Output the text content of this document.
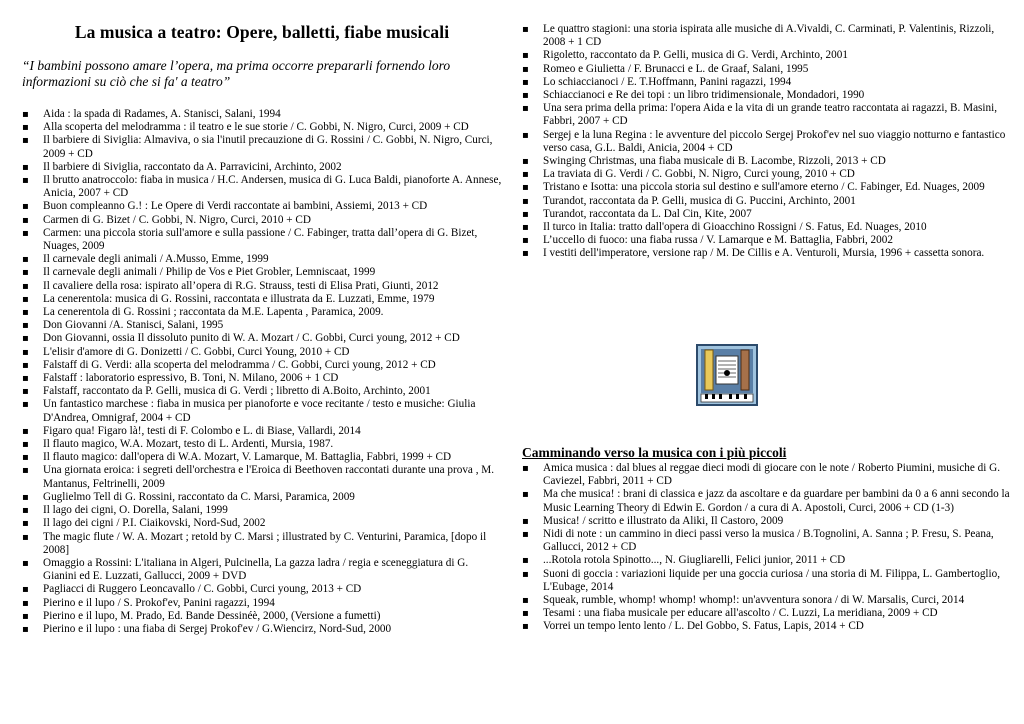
La musica a teatro: Opere, balletti, fiabe musicali
“I bambini possono amare l’opera, ma prima occorre prepararli fornendo loro informazioni su ciò che si fa' a teatro”
▪ Aida : la spada di Radames, A. Stanisci, Salani, 1994
▪ Alla scoperta del melodramma : il teatro e le sue storie / C. Gobbi, N. Nigro, Curci, 2009 + CD
▪ Il barbiere di Siviglia: Almaviva, o sia l'inutil precauzione di G. Rossini / C. Gobbi, N. Nigro, Curci, 2009 + CD
▪ Il barbiere di Siviglia, raccontato da A. Parravicini, Archinto, 2002
▪ Il brutto anatroccolo: fiaba in musica / H.C. Andersen, musica di G. Luca Baldi, pianoforte A. Annese, Anicia, 2007 + CD
▪ Buon compleanno G.! : Le Opere di Verdi raccontate ai bambini, Assiemi, 2013 + CD
▪ Carmen di G. Bizet / C. Gobbi, N. Nigro, Curci, 2010 + CD
▪ Carmen: una piccola storia sull'amore e sulla passione / C. Fabinger, tratta dall’opera di G. Bizet, Nuages, 2009
▪ Il carnevale degli animali / A.Musso, Emme, 1999
▪ Il carnevale degli animali / Philip de Vos e Piet Grobler, Lemniscaat, 1999
▪ Il cavaliere della rosa: ispirato all’opera di R.G. Strauss, testi di Elisa Prati, Giunti, 2012
▪ La cenerentola: musica di G. Rossini, raccontata e illustrata da E. Luzzati, Emme, 1979
▪ La cenerentola di G. Rossini ; raccontata da M.E. Lapenta , Paramica, 2009.
▪ Don Giovanni /A. Stanisci, Salani, 1995
▪ Don Giovanni, ossia Il dissoluto punito di W. A. Mozart / C. Gobbi, Curci young, 2012 + CD
▪ L'elisir d'amore di G. Donizetti / C. Gobbi, Curci Young, 2010 + CD
▪ Falstaff di G. Verdi: alla scoperta del melodramma / C. Gobbi, Curci young, 2012 + CD
▪ Falstaff : laboratorio espressivo, B. Toni, N. Milano, 2006 + 1 CD
▪ Falstaff, raccontato da P. Gelli, musica di G. Verdi ; libretto di A.Boito, Archinto, 2001
▪ Un fantastico marchese : fiaba in musica per pianoforte e voce recitante / testo e musiche: Giulia D'Andrea, Omnigraf, 2004 + CD
▪ Figaro qua! Figaro là!, testi di F. Colombo e L. di Biase, Vallardi, 2014
▪ Il flauto magico, W.A. Mozart, testo di L. Ardenti, Mursia, 1987.
▪ Il flauto magico: dall'opera di W.A. Mozart, V. Lamarque, M. Battaglia, Fabbri, 1999 + CD
▪ Una giornata eroica: i segreti dell'orchestra e l'Eroica di Beethoven raccontati durante una prova , M. Mantanus, Feltrinelli, 2009
▪ Guglielmo Tell di G. Rossini, raccontato da C. Marsi, Paramica, 2009
▪ Il lago dei cigni, O. Dorella, Salani, 1999
▪ Il lago dei cigni / P.I. Ciaikovski, Nord-Sud, 2002
▪ The magic flute / W. A. Mozart ; retold by C. Marsi ; illustrated by C. Venturini, Paramica, [dopo il 2008]
▪ Omaggio a Rossini: L'italiana in Algeri, Pulcinella, La gazza ladra / regia e sceneggiatura di G. Gianini ed E. Luzzati, Gallucci, 2009 + DVD
▪ Pagliacci di Ruggero Leoncavallo / C. Gobbi, Curci young, 2013 + CD
▪ Pierino e il lupo / S. Prokof'ev, Panini ragazzi, 1994
▪ Pierino e il lupo, M. Prado, Ed. Bande Dessinéè, 2000, (Versione a fumetti)
▪ Pierino e il lupo : una fiaba di Sergej Prokof'ev / G.Wiencirz, Nord-Sud, 2000
▪ Le quattro stagioni: una storia ispirata alle musiche di A.Vivaldi, C. Carminati, P. Valentinis, Rizzoli, 2008 + 1 CD
▪ Rigoletto, raccontato da P. Gelli, musica di G. Verdi, Archinto, 2001
▪ Romeo e Giulietta / F. Brunacci e L. de Graaf, Salani, 1995
▪ Lo schiaccianoci / E. T.Hoffmann, Panini ragazzi, 1994
▪ Schiaccianoci e Re dei topi : un libro tridimensionale, Mondadori, 1990
▪ Una sera prima della prima: l'opera Aida e la vita di un grande teatro raccontata ai ragazzi, B. Masini, Fabbri, 2007 + CD
▪ Sergej e la luna Regina : le avventure del piccolo Sergej Prokof'ev nel suo viaggio notturno e fantastico verso casa, G.L. Baldi, Anicia, 2004 + CD
▪ Swinging Christmas, una fiaba musicale di B. Lacombe, Rizzoli, 2013 + CD
▪ La traviata di G. Verdi / C. Gobbi, N. Nigro, Curci young, 2010 + CD
▪ Tristano e Isotta: una piccola storia sul destino e sull'amore eterno / C. Fabinger, Ed. Nuages, 2009
▪ Turandot, raccontata da P. Gelli, musica di G. Puccini, Archinto, 2001
▪ Turandot, raccontata da L. Dal Cin, Kite, 2007
▪ Il turco in Italia: tratto dall'opera di Gioacchino Rossigni / S. Fatus, Ed. Nuages, 2010
▪ L’uccello di fuoco: una fiaba russa / V. Lamarque e M. Battaglia, Fabbri, 2002
▪ I vestiti dell'imperatore, versione rap / M. De Cillis e A. Venturoli, Mursia, 1996 + cassetta sonora.
Camminando verso la musica con i più piccoli
▪ Amica musica : dal blues al reggae dieci modi di giocare con le note / Roberto Piumini, musiche di G. Caviezel, Fabbri, 2011 + CD
▪ Ma che musica! : brani di classica e jazz da ascoltare e da guardare per bambini da 0 a 6 anni secondo la Music Learning Theory di Edwin E. Gordon / a cura di A. Apostoli, Curci, 2006 + CD (1-3)
▪ Musica! / scritto e illustrato da Aliki, Il Castoro, 2009
▪ Nidi di note : un cammino in dieci passi verso la musica / B.Tognolini, A. Sanna ; P. Fresu, S. Peana, Gallucci, 2012 + CD
▪ ...Rotola rotola Spinotto..., N. Giugliarelli, Felici junior, 2011 + CD
▪ Suoni di goccia : variazioni liquide per una goccia curiosa / una storia di M. Filippa, L. Gambertoglio, L'Eubage, 2014
▪ Squeak, rumble, whomp! whomp! whomp!: un'avventura sonora / di W. Marsalis, Curci, 2014
▪ Tesami : una fiaba musicale per educare all'ascolto / C. Luzzi, La meridiana, 2009 + CD
▪ Vorrei un tempo lento lento / L. Del Gobbo, S. Fatus, Lapis, 2014 + CD
